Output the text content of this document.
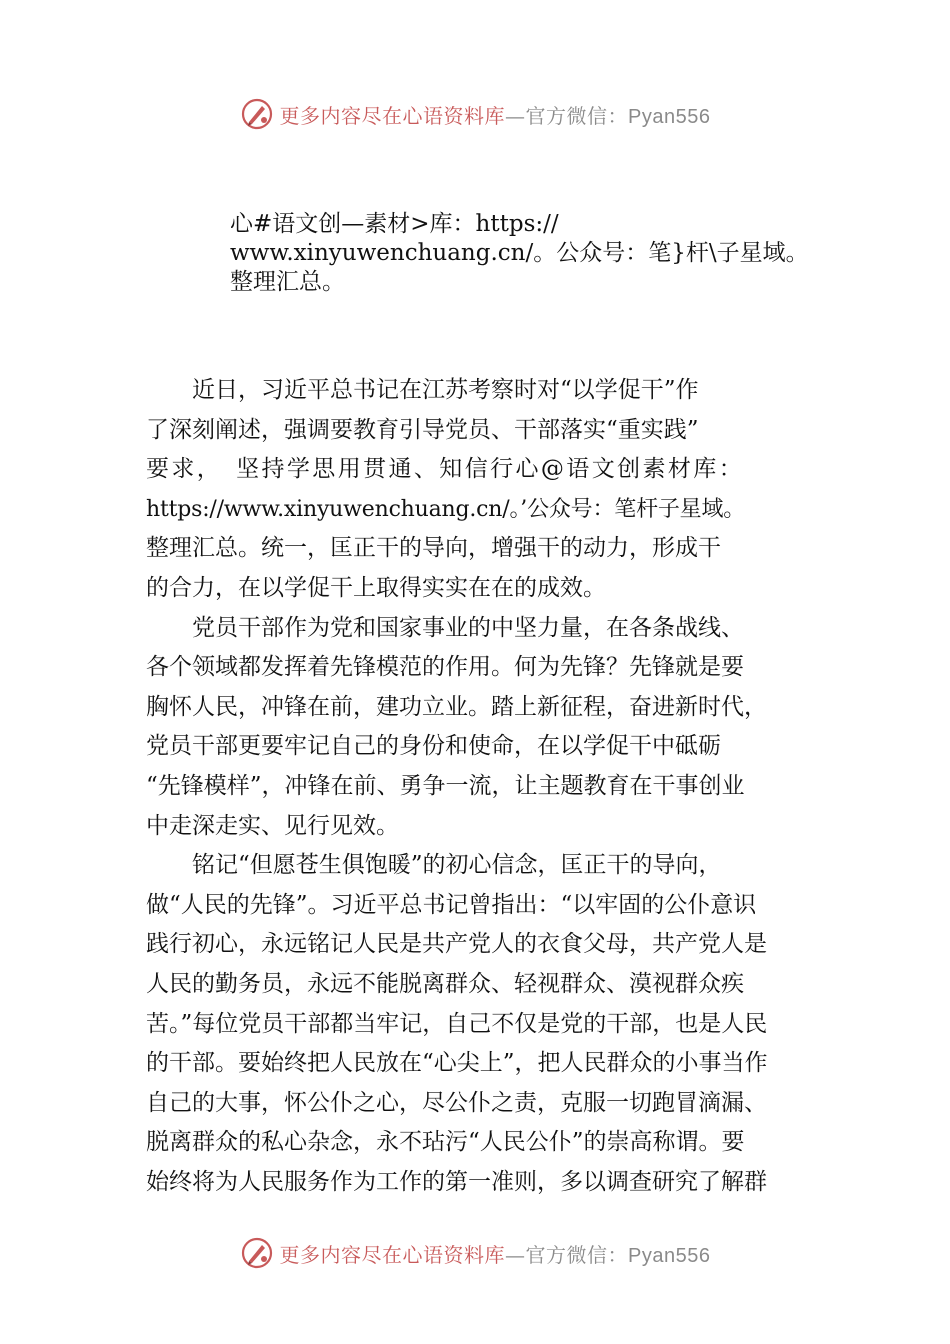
更多内容尽在心语资料库—官方微信：Pyan556
心#语文创—素材>库：https://
www.xinyuwenchuang.cn/。公众号：笔}杆\子星域。
整理汇总。
　　近日，习近平总书记在江苏考察时对“以学促干”作
了深刻阐述，强调要教育引导党员、干部落实“重实践”
要求，　坚持学思用贯通、知信行心@语文创素材库：
https://www.xinyuwenchuang.cn/。’公众号：笔杆子星域。
整理汇总。统一，匡正干的导向，增强干的动力，形成干
的合力，在以学促干上取得实实在在的成效。
　　党员干部作为党和国家事业的中坚力量，在各条战线、
各个领域都发挥着先锋模范的作用。何为先锋？先锋就是要
胸怀人民，冲锋在前，建功立业。踏上新征程，奋进新时代，
党员干部更要牢记自己的身份和使命，在以学促干中砥砺
“先锋模样”，冲锋在前、勇争一流，让主题教育在干事创业
中走深走实、见行见效。
　　铭记“但愿苍生俱饱暖”的初心信念，匡正干的导向，
做“人民的先锋”。习近平总书记曾指出：“以牢固的公仆意识
践行初心，永远铭记人民是共产党人的衣食父母，共产党人是
人民的勤务员，永远不能脱离群众、轻视群众、漠视群众疾
苦。”每位党员干部都当牢记，自己不仅是党的干部，也是人民
的干部。要始终把人民放在“心尖上”，把人民群众的小事当作
自己的大事，怀公仆之心，尽公仆之责，克服一切跑冒滴漏、
脱离群众的私心杂念，永不玷污“人民公仆”的崇高称谓。要
始终将为人民服务作为工作的第一准则，多以调查研究了解群
更多内容尽在心语资料库—官方微信：Pyan556
